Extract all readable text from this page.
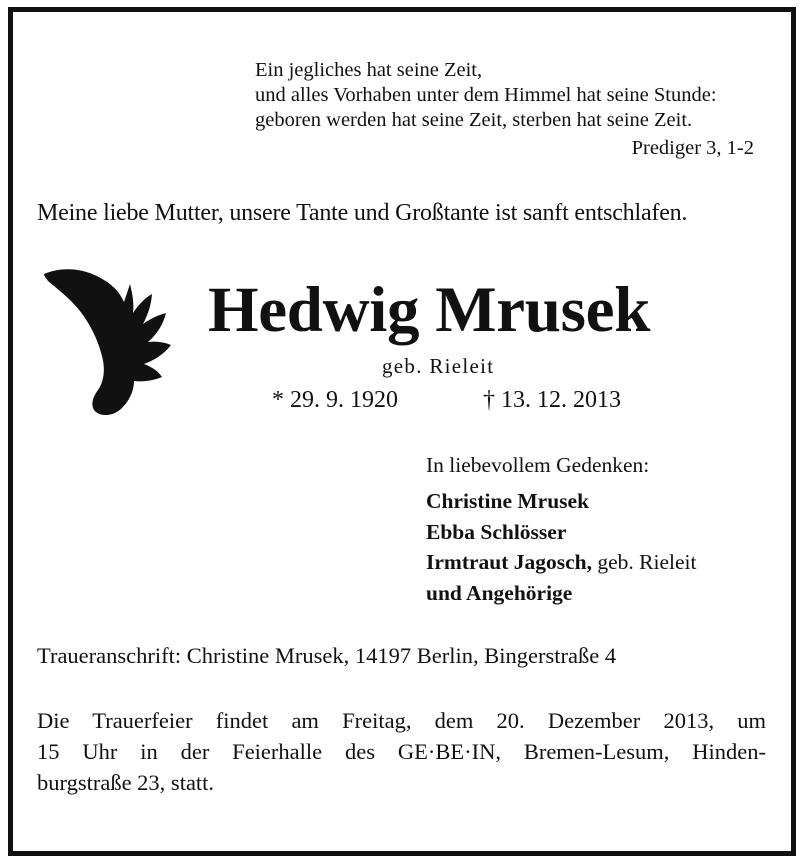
Ein jegliches hat seine Zeit,
und alles Vorhaben unter dem Himmel hat seine Stunde:
geboren werden hat seine Zeit, sterben hat seine Zeit.
Prediger 3, 1-2
Meine liebe Mutter, unsere Tante und Großtante ist sanft entschlafen.
Hedwig Mrusek
geb. Rieleit
* 29. 9. 1920	† 13. 12. 2013
In liebevollem Gedenken:
Christine Mrusek
Ebba Schlösser
Irmtraut Jagosch, geb. Rieleit
und Angehörige
Traueranschrift: Christine Mrusek, 14197 Berlin, Bingerstraße 4
Die Trauerfeier findet am Freitag, dem 20. Dezember 2013, um
15 Uhr in der Feierhalle des GE·BE·IN, Bremen-Lesum, Hinden-
burgstraße 23, statt.
